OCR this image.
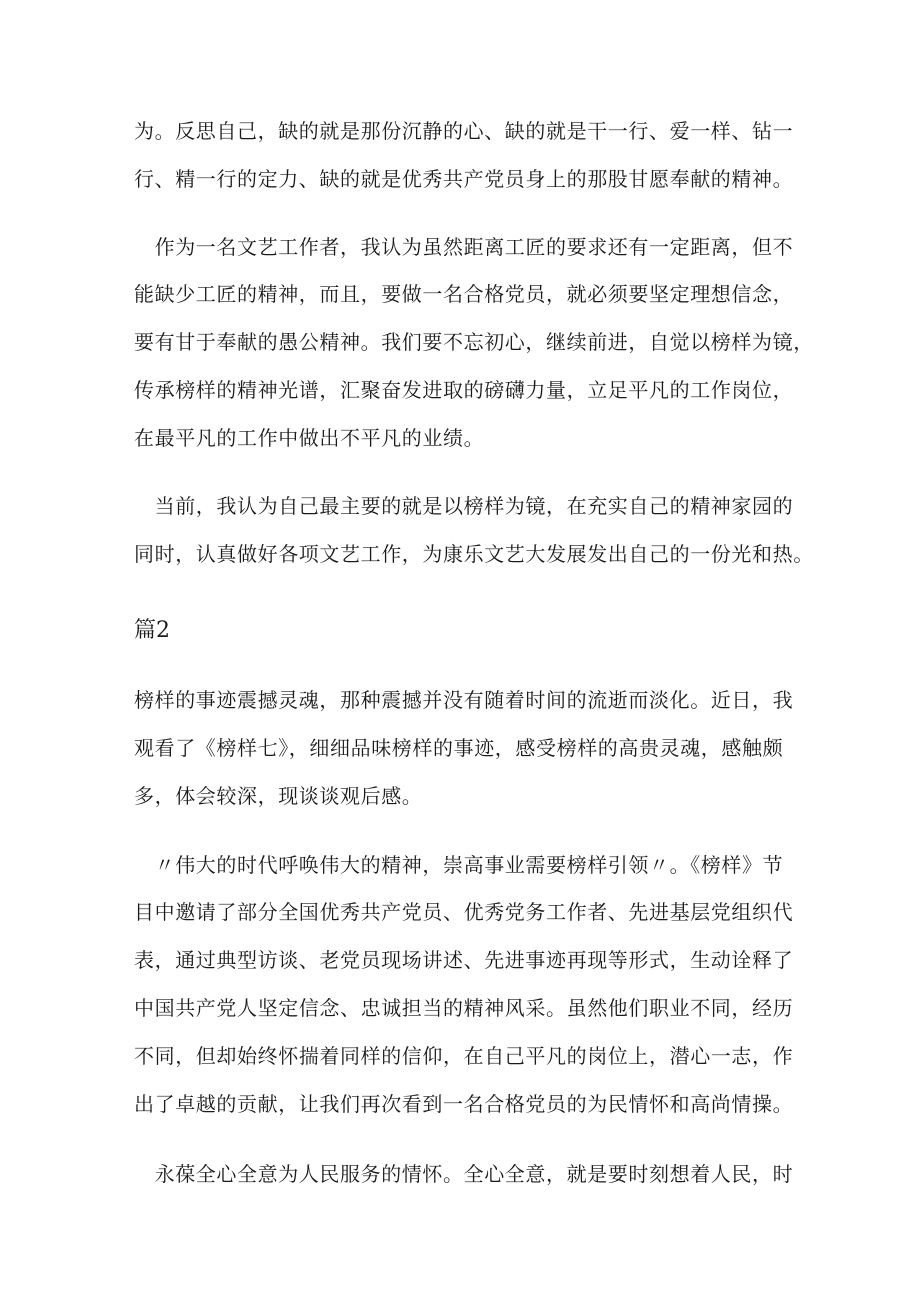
为。反思自己，缺的就是那份沉静的心、缺的就是干一行、爱一样、钻一
行、精一行的定力、缺的就是优秀共产党员身上的那股甘愿奉献的精神。
　作为一名文艺工作者，我认为虽然距离工匠的要求还有一定距离，但不
能缺少工匠的精神，而且，要做一名合格党员，就必须要坚定理想信念，
要有甘于奉献的愚公精神。我们要不忘初心，继续前进，自觉以榜样为镜，
传承榜样的精神光谱，汇聚奋发进取的磅礴力量，立足平凡的工作岗位，
在最平凡的工作中做出不平凡的业绩。
　当前，我认为自己最主要的就是以榜样为镜，在充实自己的精神家园的
同时，认真做好各项文艺工作，为康乐文艺大发展发出自己的一份光和热。
篇2
榜样的事迹震撼灵魂，那种震撼并没有随着时间的流逝而淡化。近日，我
观看了《榜样七》，细细品味榜样的事迹，感受榜样的高贵灵魂，感触颇
多，体会较深，现谈谈观后感。
　〃伟大的时代呼唤伟大的精神，崇高事业需要榜样引领〃。《榜样》节
目中邀请了部分全国优秀共产党员、优秀党务工作者、先进基层党组织代
表，通过典型访谈、老党员现场讲述、先进事迹再现等形式，生动诠释了
中国共产党人坚定信念、忠诚担当的精神风采。虽然他们职业不同，经历
不同，但却始终怀揣着同样的信仰，在自己平凡的岗位上，潜心一志，作
出了卓越的贡献，让我们再次看到一名合格党员的为民情怀和高尚情操。
　永葆全心全意为人民服务的情怀。全心全意，就是要时刻想着人民，时
